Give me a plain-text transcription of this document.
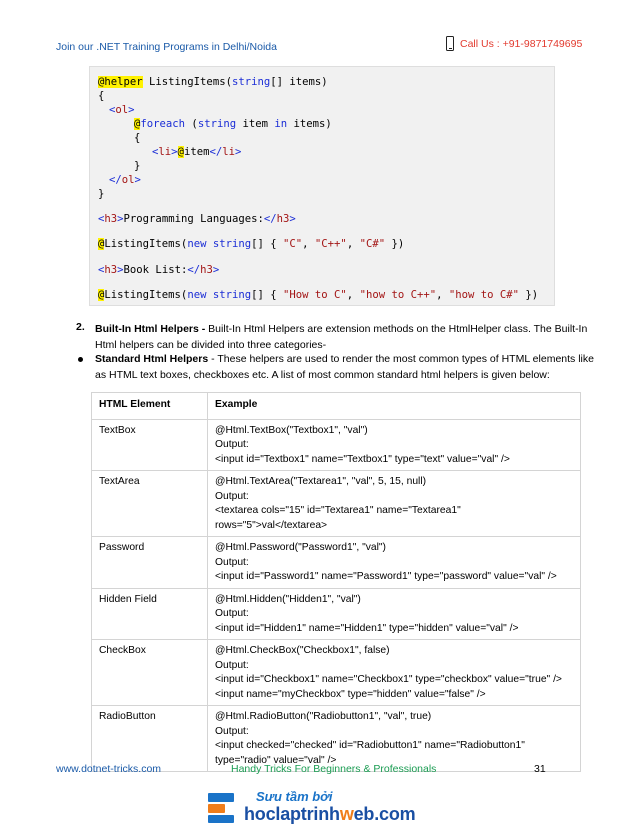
Join our .NET Training Programs in Delhi/Noida	Call Us : +91-9871749695
@helper ListingItems(string[] items)
{
<ol>
@foreach (string item in items)
{
<li>@item</li>
}
</ol>
}
<h3>Programming Languages:</h3>
@ListingItems(new string[] { "C", "C++", "C#" })
<h3>Book List:</h3>
@ListingItems(new string[] { "How to C", "how to C++", "how to C#" })
2. Built-In Html Helpers - Built-In Html Helpers are extension methods on the HtmlHelper class. The Built-In
Html helpers can be divided into three categories-
Standard Html Helpers - These helpers are used to render the most common types of HTML elements like
as HTML text boxes, checkboxes etc. A list of most common standard html helpers is given below:
HTML Element	Example
TextBox	@Html.TextBox("Textbox1", "val")
Output:
<input id="Textbox1" name="Textbox1" type="text" value="val" />

TextArea	@Html.TextArea("Textarea1", "val", 5, 15, null)
Output:
<textarea cols="15" id="Textarea1" name="Textarea1"
rows="5">val</textarea>

Password	@Html.Password("Password1", "val")
Output:
<input id="Password1" name="Password1" type="password" value="val" />

Hidden Field	@Html.Hidden("Hidden1", "val")
Output:
<input id="Hidden1" name="Hidden1" type="hidden" value="val" />

CheckBox	@Html.CheckBox("Checkbox1", false)
Output:
<input id="Checkbox1" name="Checkbox1" type="checkbox" value="true" />
<input name="myCheckbox" type="hidden" value="false" />

RadioButton	@Html.RadioButton("Radiobutton1", "val", true)
Output:
<input checked="checked" id="Radiobutton1" name="Radiobutton1"
type="radio" value="val" />
www.dotnet-tricks.com	Handy Tricks For Beginners & Professionals	31
Sưu tầm bởi
hoclaptrinhweb.com
